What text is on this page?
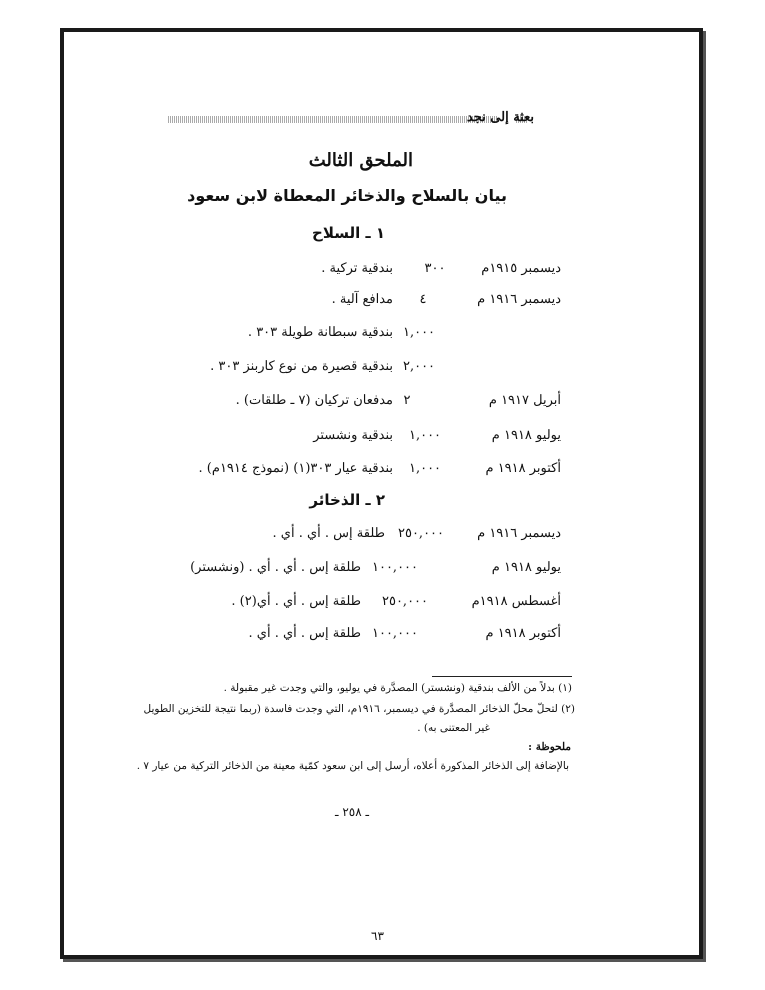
بعثة إلى نجد
الملحق الثالث
بيان بالسلاح والذخائر المعطاة لابن سعود
١ ـ السلاح
ديسمبر ١٩١٥م
٣٠٠
بندقية تركية .
ديسمبر ١٩١٦ م
٤
مدافع آلية .
١,٠٠٠
بندقية سبطانة طويلة ٣٠٣ .
٢,٠٠٠
بندقية قصيرة من نوع كاربنز ٣٠٣ .
أبريل ١٩١٧ م
٢
مدفعان تركيان (٧ ـ طلقات) .
يوليو ١٩١٨ م
١,٠٠٠
بندقية ونشستر
أكتوبر ١٩١٨ م
١,٠٠٠
بندقية عيار ٣٠٣(١) (نموذج ١٩١٤م) .
٢ ـ الذخائر
ديسمبر ١٩١٦ م
٢٥٠,٠٠٠
طلقة إس . أي . أي .
يوليو ١٩١٨ م
١٠٠,٠٠٠
طلقة إس . أي . أي . (ونشستر)
أغسطس ١٩١٨م
٢٥٠,٠٠٠
طلقة إس . أي . أي(٢) .
أكتوبر ١٩١٨ م
١٠٠,٠٠٠
طلقة إس . أي . أي .
(١) بدلاً من الألف بندقية (ونشستر) المصدَّرة في يوليو، والتي وجدت غير مقبولة .
(٢) لتحلّ محلّ الذخائر المصدَّرة في ديسمبر، ١٩١٦م، التي وجدت فاسدة (ربما نتيجة للتخزين الطويل
غير المعتنى به) .
ملحوظة :
بالإضافة إلى الذخائر المذكورة أعلاه، أرسل إلى ابن سعود كمّية معينة من الذخائر التركية من عيار ٧ .
ـ ٢٥٨ ـ
٦٣
